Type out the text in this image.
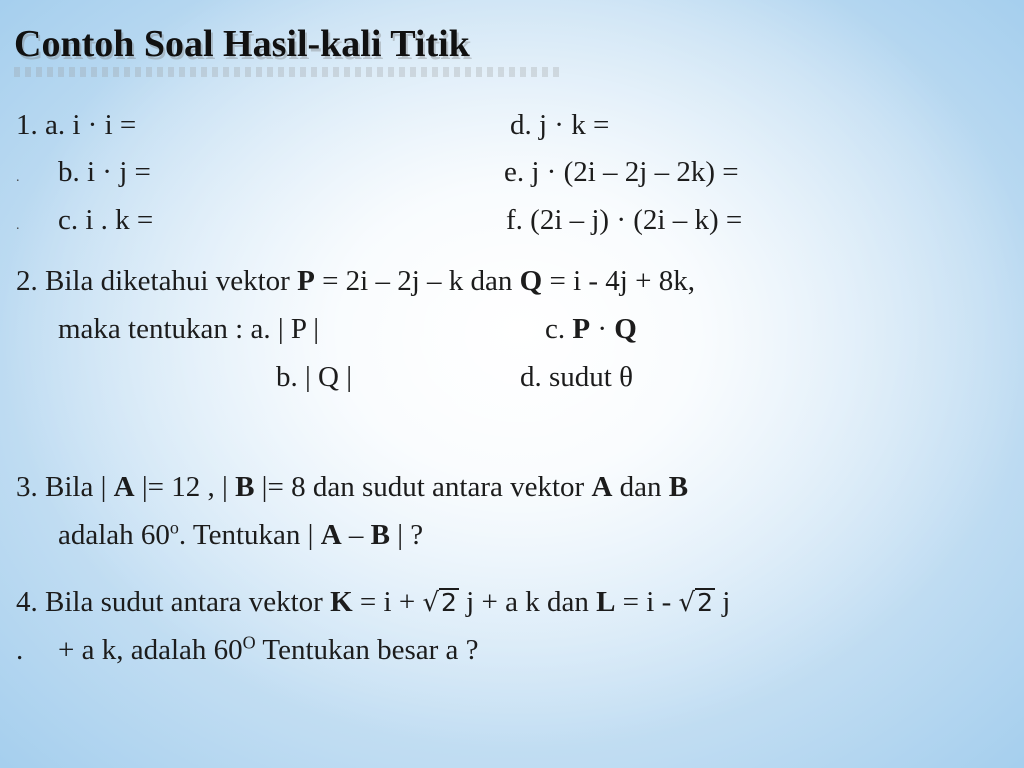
Contoh Soal Hasil-kali Titik
1. a. i · i =	d. j · k =
. b. i · j =	e. j · (2i – 2j – 2k) =
. c. i . k =	f. (2i – j) · (2i – k) =
2. Bila diketahui vektor P = 2i – 2j – k dan Q = i - 4j + 8k,
maka tentukan : a. | P |	c. P · Q
b. | Q |	d. sudut θ
3. Bila | A |= 12 , | B |= 8 dan sudut antara vektor A dan B
adalah 60$^o$. Tentukan | A – B | ?
4. Bila sudut antara vektor K = i + √2 j + a k dan L = i - √2 j
. + a k, adalah $60^O$ Tentukan besar a ?
